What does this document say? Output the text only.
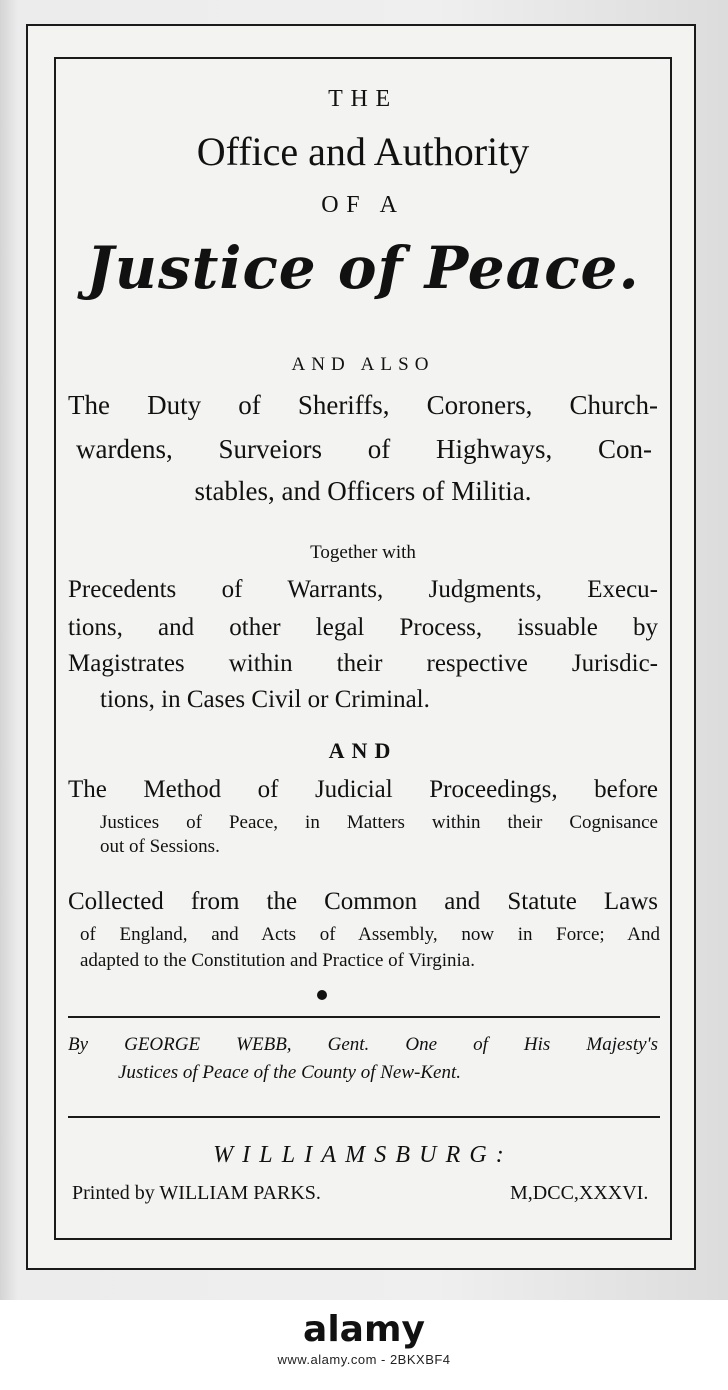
THE

Office and Authority

OF A

Justice of Peace.

AND ALSO

The Duty of Sheriffs, Coroners, Church-

wardens, Surveiors of Highways, Con-

stables, and Officers of Militia.

Together with

Precedents of Warrants, Judgments, Execu-

tions, and other legal Process, issuable by

Magistrates within their respective Jurisdic-

tions, in Cases Civil or Criminal.

AND

The Method of Judicial Proceedings, before

Justices of Peace, in Matters within their Cognisance

out of Sessions.

Collected from the Common and Statute Laws

of England, and Acts of Assembly, now in Force; And

adapted to the Constitution and Practice of Virginia.

By GEORGE WEBB, Gent. One of His Majesty's

Justices of Peace of the County of New-Kent.

WILLIAMSBURG:

Printed by WILLIAM PARKS.	M,DCC,XXXVI.

alamy
www.alamy.com - 2BKXBF4
